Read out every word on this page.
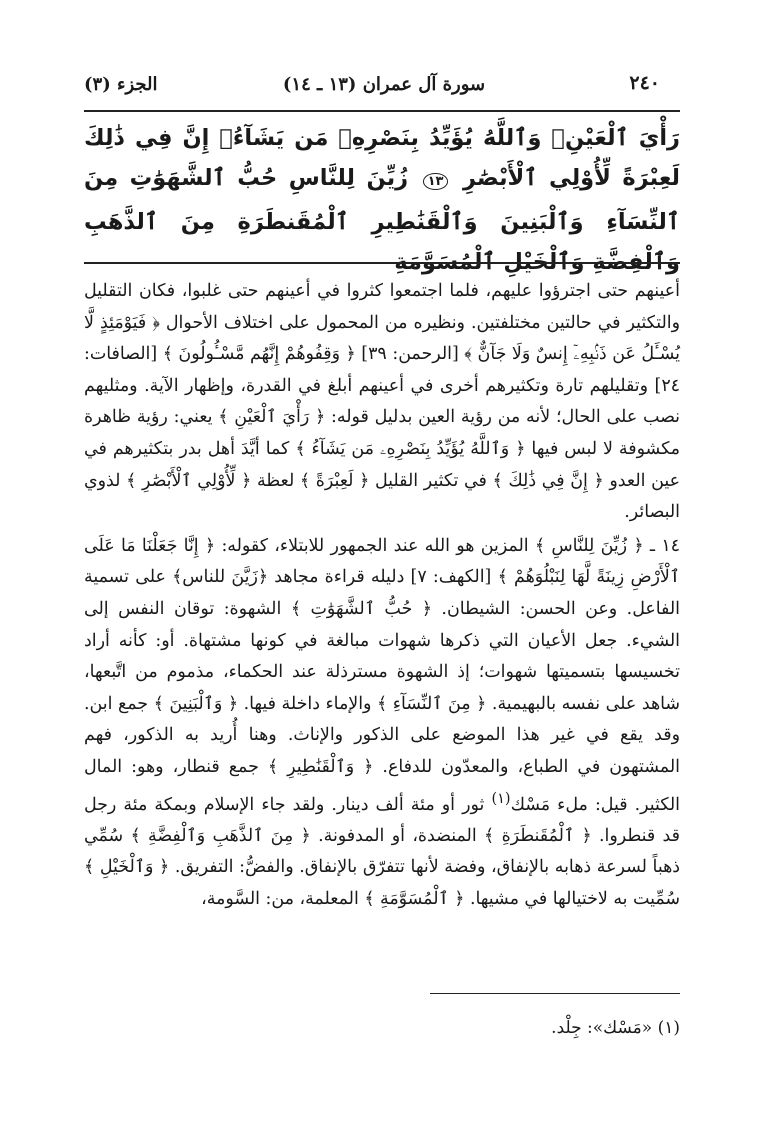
٢٤٠
سورة آل عمران (١٣ ـ ١٤)
الجزء (٣)
رَأْيَ ٱلْعَيْنِۚ وَٱللَّهُ يُؤَيِّدُ بِنَصْرِهِۦ مَن يَشَآءُۚ إِنَّ فِي ذَٰلِكَ لَعِبْرَةً لِّأُوْلِي ٱلْأَبْصَٰرِ ١٣ زُيِّنَ لِلنَّاسِ حُبُّ ٱلشَّهَوَٰتِ مِنَ ٱلنِّسَآءِ وَٱلْبَنِينَ وَٱلْقَنَٰطِيرِ ٱلْمُقَنطَرَةِ مِنَ ٱلذَّهَبِ وَٱلْفِضَّةِ وَٱلْخَيْلِ ٱلْمُسَوَّمَةِ

أعينهم حتى اجترؤوا عليهم، فلما اجتمعوا كثروا في أعينهم حتى غلبوا، فكان التقليل والتكثير في حالتين مختلفتين. ونظيره من المحمول على اختلاف الأحوال ﴿ فَيَوْمَئِذٍ لَّا يُسْـَٔلُ عَن ذَنۢبِهِۦٓ إِنسٌ وَلَا جَآنٌّ ﴾ [الرحمن: ٣٩] ﴿ وَقِفُوهُمْ إِنَّهُم مَّسْـُٔولُونَ ﴾ [الصافات: ٢٤] وتقليلهم تارة وتكثيرهم أخرى في أعينهم أبلغ في القدرة، وإظهار الآية. ومثليهم نصب على الحال؛ لأنه من رؤية العين بدليل قوله: ﴿ رَأْيَ ٱلْعَيْنِ ﴾ يعني: رؤية ظاهرة مكشوفة لا لبس فيها ﴿ وَٱللَّهُ يُؤَيِّدُ بِنَصْرِهِۦ مَن يَشَآءُ ﴾ كما أيَّدَ أهل بدر بتكثيرهم في عين العدو ﴿ إِنَّ فِي ذَٰلِكَ ﴾ في تكثير القليل ﴿ لَعِبْرَةً ﴾ لعظة ﴿ لِّأُوْلِي ٱلْأَبْصَٰرِ ﴾ لذوي البصائر.

١٤ ـ ﴿ زُيِّنَ لِلنَّاسِ ﴾ المزين هو الله عند الجمهور للابتلاء، كقوله: ﴿ إِنَّا جَعَلْنَا مَا عَلَى ٱلْأَرْضِ زِينَةً لَّهَا لِنَبْلُوَهُمْ ﴾ [الكهف: ٧] دليله قراءة مجاهد ﴿زَيَّنَ للناس﴾ على تسمية الفاعل. وعن الحسن: الشيطان. ﴿ حُبُّ ٱلشَّهَوَٰتِ ﴾ الشهوة: توقان النفس إلى الشيء. جعل الأعيان التي ذكرها شهوات مبالغة في كونها مشتهاة. أو: كأنه أراد تخسيسها بتسميتها شهوات؛ إذ الشهوة مسترذلة عند الحكماء، مذموم من اتَّبعها، شاهد على نفسه بالبهيمية. ﴿ مِنَ ٱلنِّسَآءِ ﴾ والإماء داخلة فيها. ﴿ وَٱلْبَنِينَ ﴾ جمع ابن. وقد يقع في غير هذا الموضع على الذكور والإناث. وهنا أُريد به الذكور، فهم المشتهون في الطباع، والمعدّون للدفاع. ﴿ وَٱلْقَنَٰطِيرِ ﴾ جمع قنطار، وهو: المال الكثير. قيل: ملء مَسْك$^{(١)}$ ثور أو مئة ألف دينار. ولقد جاء الإسلام وبمكة مئة رجل قد قنطروا. ﴿ ٱلْمُقَنطَرَةِ ﴾ المنضدة، أو المدفونة. ﴿ مِنَ ٱلذَّهَبِ وَٱلْفِضَّةِ ﴾ سُمِّي ذهباً لسرعة ذهابه بالإنفاق، وفضة لأنها تتفرّق بالإنفاق. والفضُّ: التفريق. ﴿ وَٱلْخَيْلِ ﴾ سُمِّيت به لاختيالها في مشيها. ﴿ ٱلْمُسَوَّمَةِ ﴾ المعلمة، من: السَّومة،

(١) «مَسْك»: جِلْد.
